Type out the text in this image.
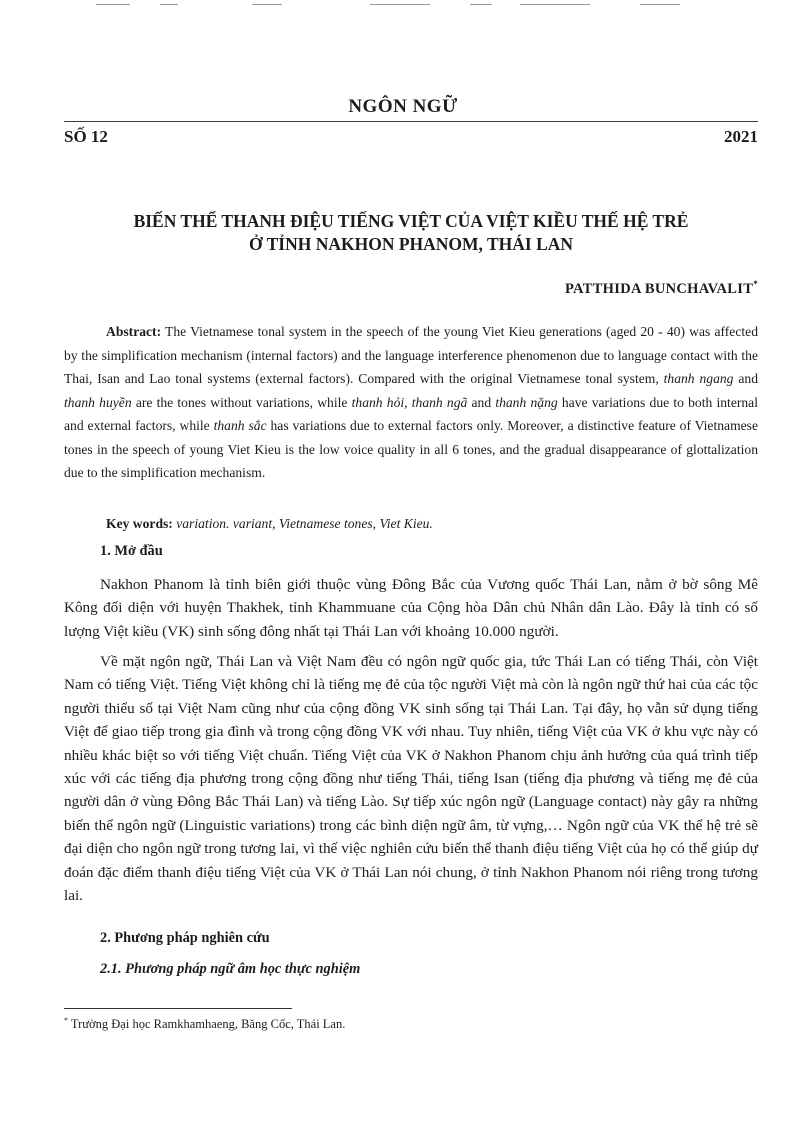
NGÔN NGỮ
SỐ 12	2021
BIẾN THỂ THANH ĐIỆU TIẾNG VIỆT CỦA VIỆT KIỀU THẾ HỆ TRẺ
Ở TỈNH NAKHON PHANOM, THÁI LAN
PATTHIDA BUNCHAVALIT*
Abstract: The Vietnamese tonal system in the speech of the young Viet Kieu generations (aged 20 - 40) was affected by the simplification mechanism (internal factors) and the language interference phenomenon due to language contact with the Thai, Isan and Lao tonal systems (external factors). Compared with the original Vietnamese tonal system, thanh ngang and thanh huyền are the tones without variations, while thanh hỏi, thanh ngã and thanh nặng have variations due to both internal and external factors, while thanh sắc has variations due to external factors only. Moreover, a distinctive feature of Vietnamese tones in the speech of young Viet Kieu is the low voice quality in all 6 tones, and the gradual disappearance of glottalization due to the simplification mechanism.
Key words: variation. variant, Vietnamese tones, Viet Kieu.
1. Mở đầu
Nakhon Phanom là tỉnh biên giới thuộc vùng Đông Bắc của Vương quốc Thái Lan, nằm ở bờ sông Mê Kông đối diện với huyện Thakhek, tỉnh Khammuane của Cộng hòa Dân chủ Nhân dân Lào. Đây là tỉnh có số lượng Việt kiều (VK) sinh sống đông nhất tại Thái Lan với khoảng 10.000 người.
Về mặt ngôn ngữ, Thái Lan và Việt Nam đều có ngôn ngữ quốc gia, tức Thái Lan có tiếng Thái, còn Việt Nam có tiếng Việt. Tiếng Việt không chỉ là tiếng mẹ đẻ của tộc người Việt mà còn là ngôn ngữ thứ hai của các tộc người thiểu số tại Việt Nam cũng như của cộng đồng VK sinh sống tại Thái Lan. Tại đây, họ vẫn sử dụng tiếng Việt để giao tiếp trong gia đình và trong cộng đồng VK với nhau. Tuy nhiên, tiếng Việt của VK ở khu vực này có nhiều khác biệt so với tiếng Việt chuẩn. Tiếng Việt của VK ở Nakhon Phanom chịu ảnh hưởng của quá trình tiếp xúc với các tiếng địa phương trong cộng đồng như tiếng Thái, tiếng Isan (tiếng địa phương và tiếng mẹ đẻ của người dân ở vùng Đông Bắc Thái Lan) và tiếng Lào. Sự tiếp xúc ngôn ngữ (Language contact) này gây ra những biến thể ngôn ngữ (Linguistic variations) trong các bình diện ngữ âm, từ vựng,… Ngôn ngữ của VK thế hệ trẻ sẽ đại diện cho ngôn ngữ trong tương lai, vì thế việc nghiên cứu biến thể thanh điệu tiếng Việt của họ có thể giúp dự đoán đặc điểm thanh điệu tiếng Việt của VK ở Thái Lan nói chung, ở tỉnh Nakhon Phanom nói riêng trong tương lai.
2. Phương pháp nghiên cứu
2.1. Phương pháp ngữ âm học thực nghiệm
* Trường Đại học Ramkhamhaeng, Băng Cốc, Thái Lan.
